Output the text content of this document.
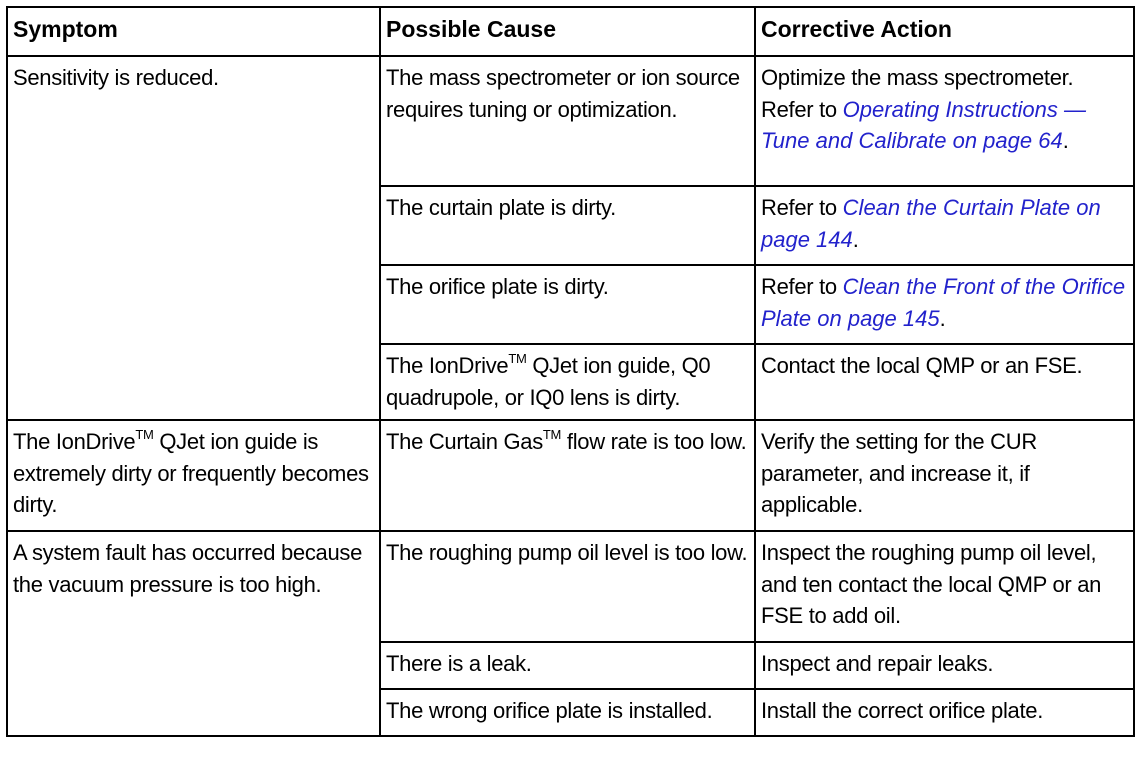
Symptom	Possible Cause	Corrective Action
Sensitivity is reduced.	The mass spectrometer or ion source requires tuning or optimization.	Optimize the mass spectrometer. Refer to Operating Instructions — Tune and Calibrate on page 64.
	The curtain plate is dirty.	Refer to Clean the Curtain Plate on page 144.
	The orifice plate is dirty.	Refer to Clean the Front of the Orifice Plate on page 145.
	The IonDrive™ QJet ion guide, Q0 quadrupole, or IQ0 lens is dirty.	Contact the local QMP or an FSE.
The IonDrive™ QJet ion guide is extremely dirty or frequently becomes dirty.	The Curtain Gas™ flow rate is too low.	Verify the setting for the CUR parameter, and increase it, if applicable.
A system fault has occurred because the vacuum pressure is too high.	The roughing pump oil level is too low.	Inspect the roughing pump oil level, and ten contact the local QMP or an FSE to add oil.
	There is a leak.	Inspect and repair leaks.
	The wrong orifice plate is installed.	Install the correct orifice plate.
